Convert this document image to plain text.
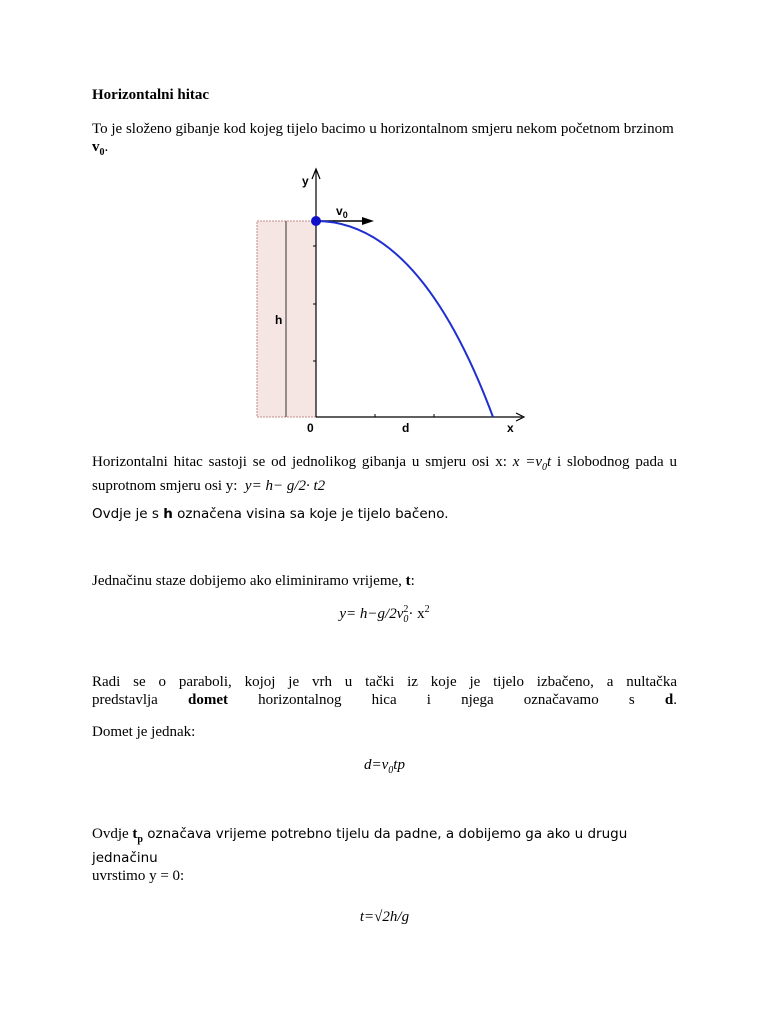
Horizontalni hitac
To je složeno gibanje kod kojeg tijelo bacimo u horizontalnom smjeru nekom početnom brzinom $v_0$.
y
$v_0$
h
0	d	x
Horizontalni hitac sastoji se od jednolikog gibanja u smjeru osi x: $x =v_0t$ i slobodnog pada u
suprotnom smjeru osi y:  y= h− g/2· t2
Ovdje je s h označena visina sa koje je tijelo bačeno.
Jednačinu staze dobijemo ako eliminiramo vrijeme, t:
$y= h-g/2v_0^2\cdot x^2$
Radi se o paraboli, kojoj je vrh u tački iz koje je tijelo izbačeno, a nultačka
predstavlja domet horizontalnog hica i njega označavamo s d.
Domet je jednak:
$d=v_0tp$
Ovdje $t_p$ označava vrijeme potrebno tijelu da padne, a dobijemo ga ako u drugu jednačinu
uvrstimo y = 0:
t=√2h/g
